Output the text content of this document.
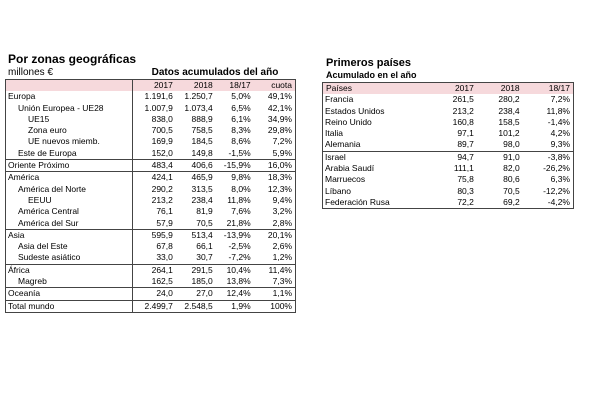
Por zonas geográficas
millones €	Datos acumulados del año
	2017	2018	18/17	cuota
Europa	1.191,6	1.250,7	5,0%	49,1%
Unión Europea - UE28	1.007,9	1.073,4	6,5%	42,1%
UE15	838,0	888,9	6,1%	34,9%
Zona euro	700,5	758,5	8,3%	29,8%
UE nuevos miemb.	169,9	184,5	8,6%	7,2%
Este de Europa	152,0	149,8	-1,5%	5,9%
Oriente Próximo	483,4	406,6	-15,9%	16,0%
América	424,1	465,9	9,8%	18,3%
América del Norte	290,2	313,5	8,0%	12,3%
EEUU	213,2	238,4	11,8%	9,4%
América Central	76,1	81,9	7,6%	3,2%
América del Sur	57,9	70,5	21,8%	2,8%
Asia	595,9	513,4	-13,9%	20,1%
Asia del Este	67,8	66,1	-2,5%	2,6%
Sudeste asiático	33,0	30,7	-7,2%	1,2%
África	264,1	291,5	10,4%	11,4%
Magreb	162,5	185,0	13,8%	7,3%
Oceanía	24,0	27,0	12,4%	1,1%
Total mundo	2.499,7	2.548,5	1,9%	100%
Primeros países
Acumulado en el año
Países	2017	2018	18/17
Francia	261,5	280,2	7,2%
Estados Unidos	213,2	238,4	11,8%
Reino Unido	160,8	158,5	-1,4%
Italia	97,1	101,2	4,2%
Alemania	89,7	98,0	9,3%
Israel	94,7	91,0	-3,8%
Arabia Saudí	111,1	82,0	-26,2%
Marruecos	75,8	80,6	6,3%
Líbano	80,3	70,5	-12,2%
Federación Rusa	72,2	69,2	-4,2%
